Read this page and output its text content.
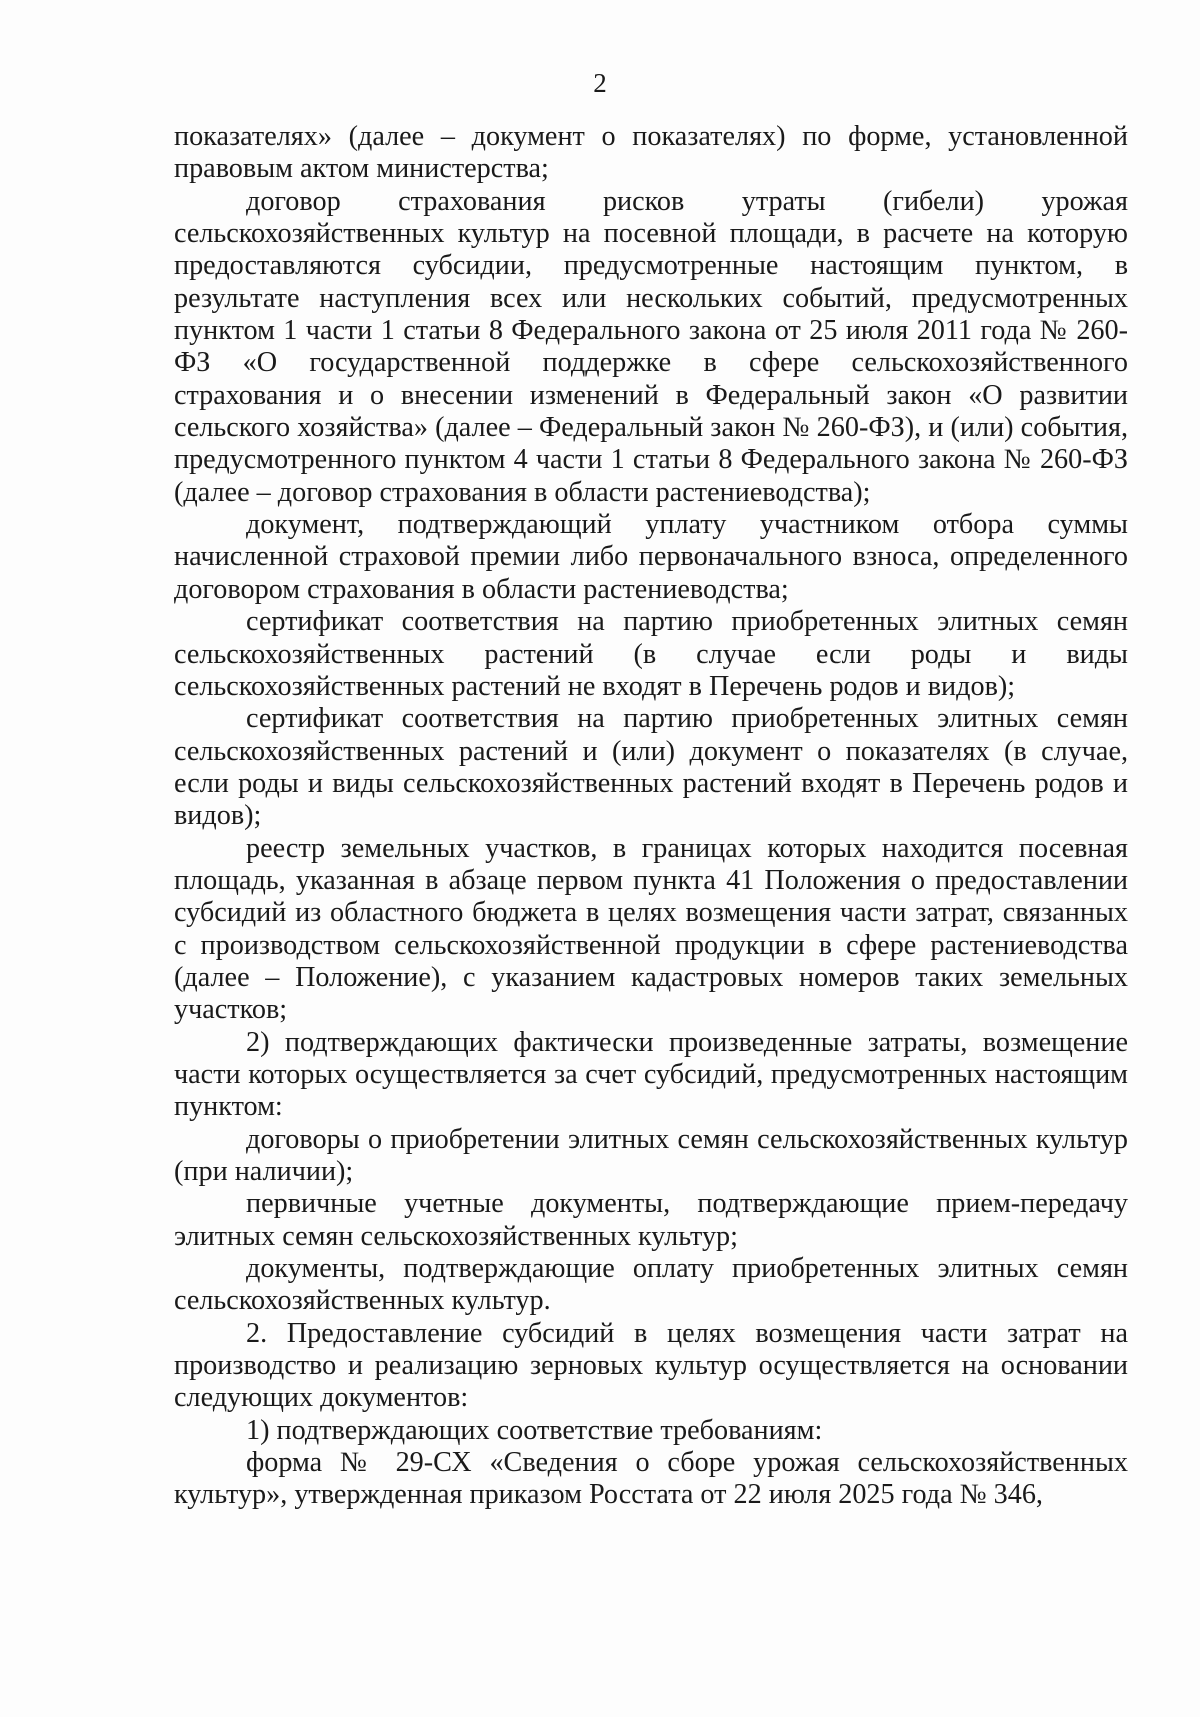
2

показателях» (далее – документ о показателях) по форме, установленной правовым актом министерства;

договор страхования рисков утраты (гибели) урожая сельскохозяйственных культур на посевной площади, в расчете на которую предоставляются субсидии, предусмотренные настоящим пунктом, в результате наступления всех или нескольких событий, предусмотренных пунктом 1 части 1 статьи 8 Федерального закона от 25 июля 2011 года № 260-ФЗ «О государственной поддержке в сфере сельскохозяйственного страхования и о внесении изменений в Федеральный закон «О развитии сельского хозяйства» (далее – Федеральный закон № 260-ФЗ), и (или) события, предусмотренного пунктом 4 части 1 статьи 8 Федерального закона № 260-ФЗ (далее – договор страхования в области растениеводства);

документ, подтверждающий уплату участником отбора суммы начисленной страховой премии либо первоначального взноса, определенного договором страхования в области растениеводства;

сертификат соответствия на партию приобретенных элитных семян сельскохозяйственных растений (в случае если роды и виды сельскохозяйственных растений не входят в Перечень родов и видов);

сертификат соответствия на партию приобретенных элитных семян сельскохозяйственных растений и (или) документ о показателях (в случае, если роды и виды сельскохозяйственных растений входят в Перечень родов и видов);

реестр земельных участков, в границах которых находится посевная площадь, указанная в абзаце первом пункта 41 Положения о предоставлении субсидий из областного бюджета в целях возмещения части затрат, связанных с производством сельскохозяйственной продукции в сфере растениеводства (далее – Положение), с указанием кадастровых номеров таких земельных участков;

2) подтверждающих фактически произведенные затраты, возмещение части которых осуществляется за счет субсидий, предусмотренных настоящим пунктом:

договоры о приобретении элитных семян сельскохозяйственных культур (при наличии);

первичные учетные документы, подтверждающие прием-передачу элитных семян сельскохозяйственных культур;

документы, подтверждающие оплату приобретенных элитных семян сельскохозяйственных культур.

2. Предоставление субсидий в целях возмещения части затрат на производство и реализацию зерновых культур осуществляется на основании следующих документов:

1) подтверждающих соответствие требованиям:

форма № 29-СХ «Сведения о сборе урожая сельскохозяйственных культур», утвержденная приказом Росстата от 22 июля 2025 года № 346,
